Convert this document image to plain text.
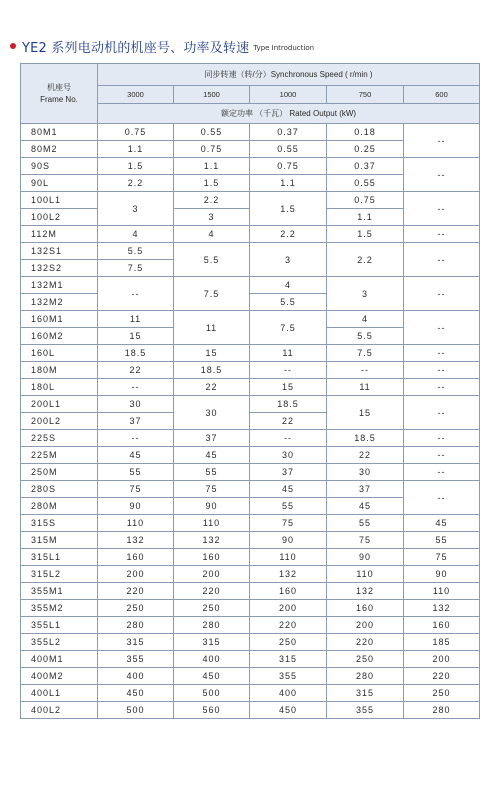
YE2 系列电动机的机座号、功率及转速 Type Introduction
机座号
Frame No.	同步转速（转/分）Synchronous Speed ( r/min )				
	3000	1500	1000	750	600
	额定功率 （千瓦） Rated Output (kW)				
80M1	0.75	0.55	0.37	0.18	--
80M2	1.1	0.75	0.55	0.25	
90S	1.5	1.1	0.75	0.37	--
90L	2.2	1.5	1.1	0.55	
100L1	3	2.2	1.5	0.75	--
100L2		3		1.1	
112M	4	4	2.2	1.5	--
132S1	5.5	5.5	3	2.2	--
132S2	7.5				
132M1	--	7.5	4	3	--
132M2			5.5		
160M1	11	11	7.5	4	--
160M2	15			5.5	
160L	18.5	15	11	7.5	--
180M	22	18.5	--	--	--
180L	--	22	15	11	--
200L1	30	30	18.5	15	--
200L2	37		22		
225S	--	37	--	18.5	--
225M	45	45	30	22	--
250M	55	55	37	30	--
280S	75	75	45	37	--
280M	90	90	55	45	
315S	110	110	75	55	45
315M	132	132	90	75	55
315L1	160	160	110	90	75
315L2	200	200	132	110	90
355M1	220	220	160	132	110
355M2	250	250	200	160	132
355L1	280	280	220	200	160
355L2	315	315	250	220	185
400M1	355	400	315	250	200
400M2	400	450	355	280	220
400L1	450	500	400	315	250
400L2	500	560	450	355	280
